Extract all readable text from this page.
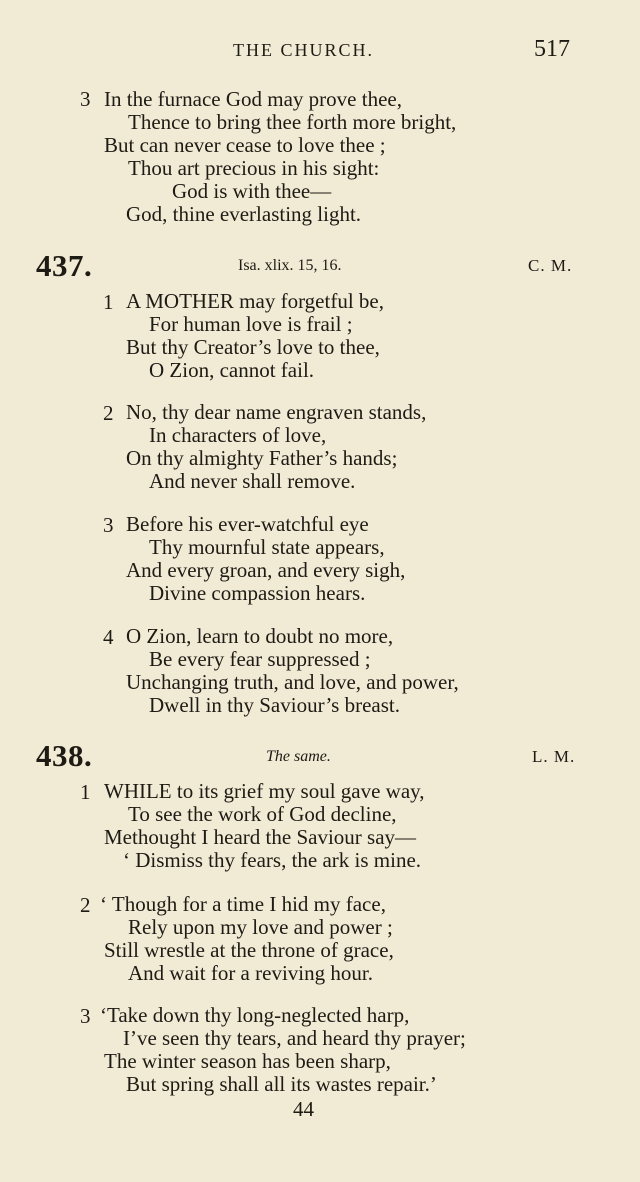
THE CHURCH.	517
3 In the furnace God may prove thee,
Thence to bring thee forth more bright,
But can never cease to love thee ;
Thou art precious in his sight:
God is with thee—
God, thine everlasting light.
437.	Isa. xlix. 15, 16.	C. M.
1 A MOTHER may forgetful be,
For human love is frail ;
But thy Creator’s love to thee,
O Zion, cannot fail.
2 No, thy dear name engraven stands,
In characters of love,
On thy almighty Father’s hands;
And never shall remove.
3 Before his ever-watchful eye
Thy mournful state appears,
And every groan, and every sigh,
Divine compassion hears.
4 O Zion, learn to doubt no more,
Be every fear suppressed ;
Unchanging truth, and love, and power,
Dwell in thy Saviour’s breast.
438.	The same.	L. M.
1 WHILE to its grief my soul gave way,
To see the work of God decline,
Methought I heard the Saviour say—
‘ Dismiss thy fears, the ark is mine.
2 ‘ Though for a time I hid my face,
Rely upon my love and power ;
Still wrestle at the throne of grace,
And wait for a reviving hour.
3 ‘Take down thy long-neglected harp,
I’ve seen thy tears, and heard thy prayer;
The winter season has been sharp,
But spring shall all its wastes repair.’
44
